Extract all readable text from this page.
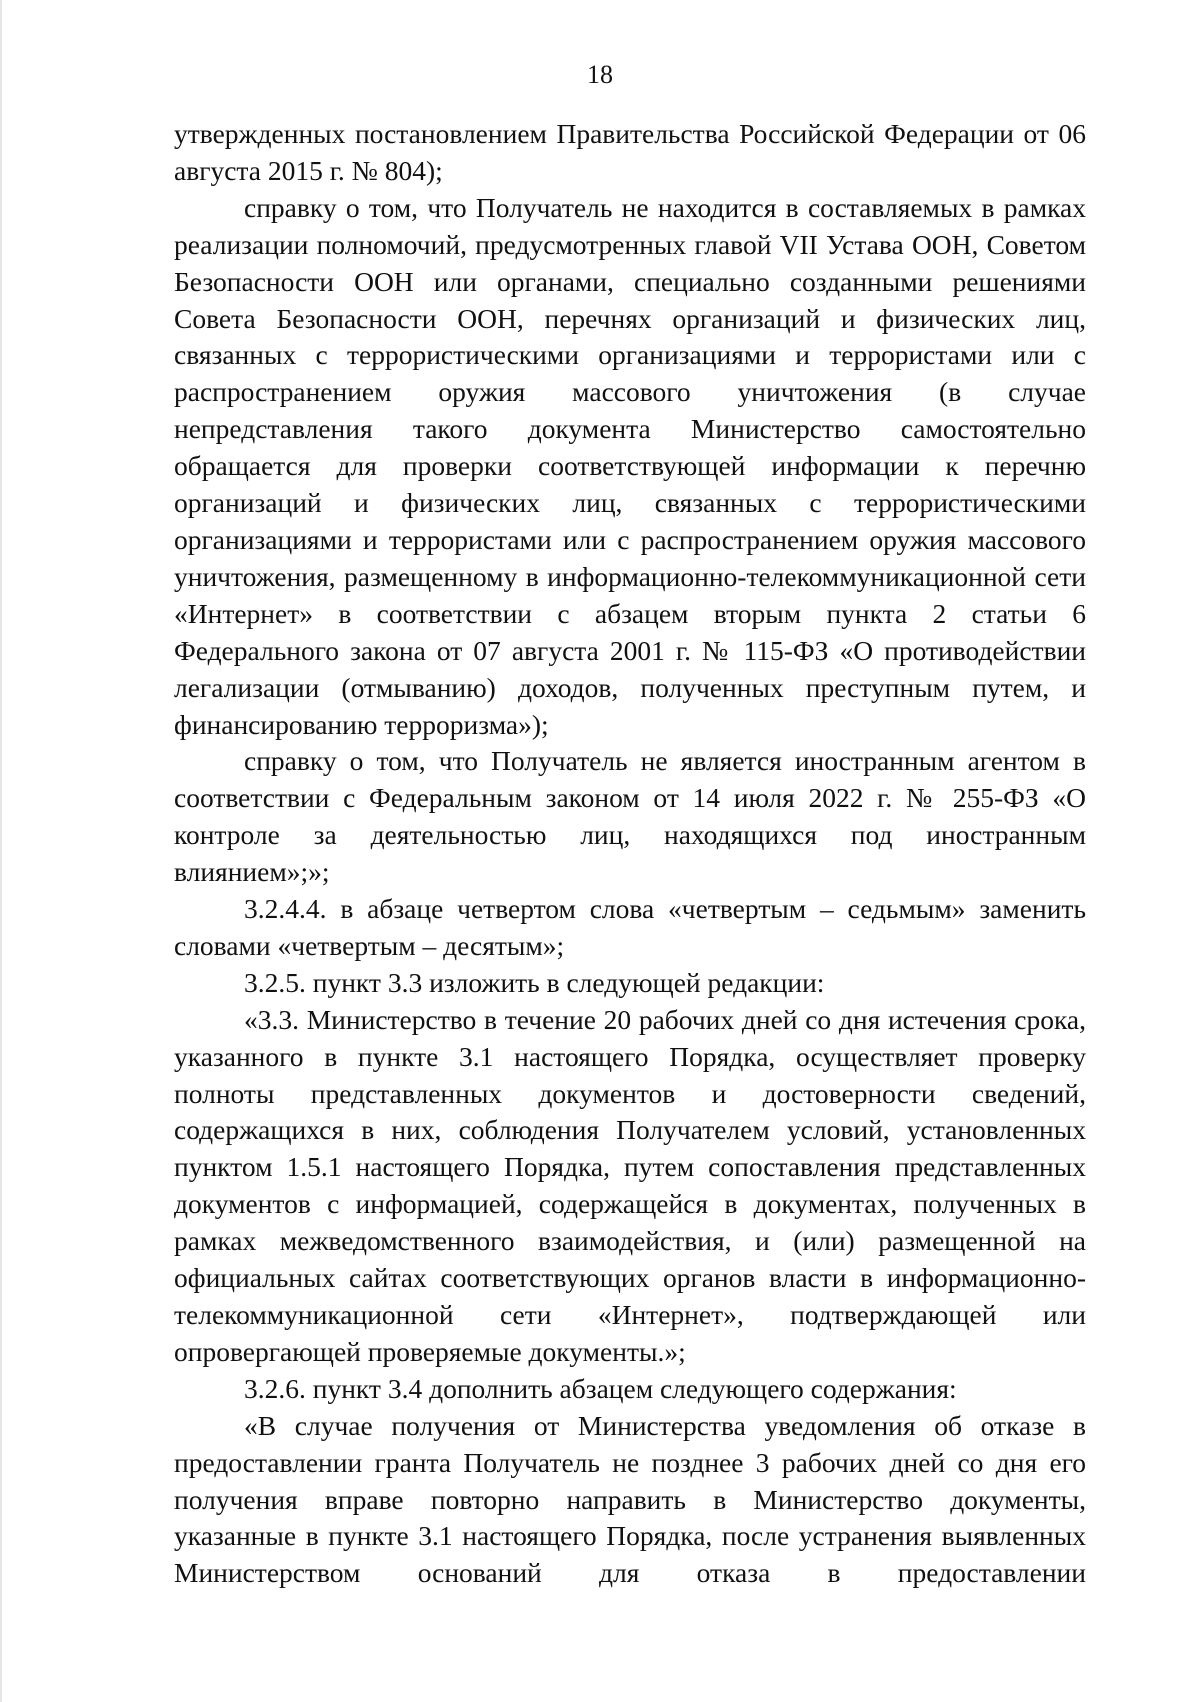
18

утвержденных постановлением Правительства Российской Федерации от 06 августа 2015 г. № 804);

справку о том, что Получатель не находится в составляемых в рамках реализации полномочий, предусмотренных главой VII Устава ООН, Советом Безопасности ООН или органами, специально созданными решениями Совета Безопасности ООН, перечнях организаций и физических лиц, связанных с террористическими организациями и террористами или с распространением оружия массового уничтожения (в случае непредставления такого документа Министерство самостоятельно обращается для проверки соответствующей информации к перечню организаций и физических лиц, связанных с террористическими организациями и террористами или с распространением оружия массового уничтожения, размещенному в информационно-телекоммуникационной сети «Интернет» в соответствии с абзацем вторым пункта 2 статьи 6 Федерального закона от 07 августа 2001 г. № 115-ФЗ «О противодействии легализации (отмыванию) доходов, полученных преступным путем, и финансированию терроризма»);

справку о том, что Получатель не является иностранным агентом в соответствии с Федеральным законом от 14 июля 2022 г. № 255-ФЗ «О контроле за деятельностью лиц, находящихся под иностранным влиянием»;»;

3.2.4.4. в абзаце четвертом слова «четвертым – седьмым» заменить словами «четвертым – десятым»;

3.2.5. пункт 3.3 изложить в следующей редакции:

«3.3. Министерство в течение 20 рабочих дней со дня истечения срока, указанного в пункте 3.1 настоящего Порядка, осуществляет проверку полноты представленных документов и достоверности сведений, содержащихся в них, соблюдения Получателем условий, установленных пунктом 1.5.1 настоящего Порядка, путем сопоставления представленных документов с информацией, содержащейся в документах, полученных в рамках межведомственного взаимодействия, и (или) размещенной на официальных сайтах соответствующих органов власти в информационно-телекоммуникационной сети «Интернет», подтверждающей или опровергающей проверяемые документы.»;

3.2.6. пункт 3.4 дополнить абзацем следующего содержания:

«В случае получения от Министерства уведомления об отказе в предоставлении гранта Получатель не позднее 3 рабочих дней со дня его получения вправе повторно направить в Министерство документы, указанные в пункте 3.1 настоящего Порядка, после устранения выявленных Министерством оснований для отказа в предоставлении
